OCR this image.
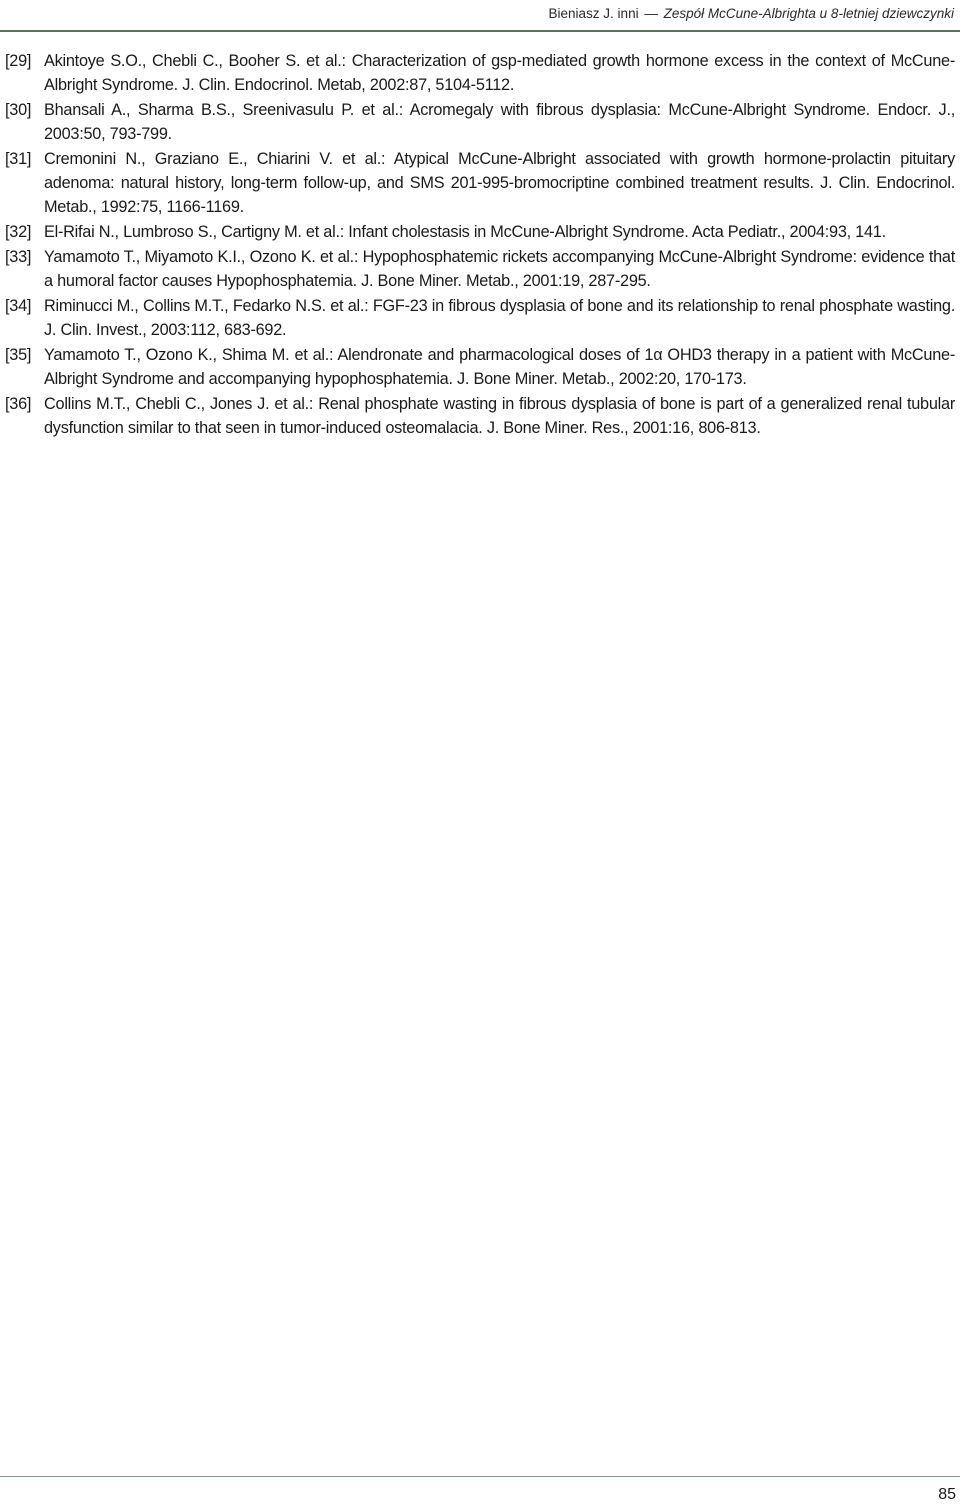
Bieniasz J. inni — Zespół McCune-Albrighta u 8-letniej dziewczynki
[29] Akintoye S.O., Chebli C., Booher S. et al.: Characterization of gsp-mediated growth hormone excess in the context of McCune-Albright Syndrome. J. Clin. Endocrinol. Metab, 2002:87, 5104-5112.
[30] Bhansali A., Sharma B.S., Sreenivasulu P. et al.: Acromegaly with fibrous dysplasia: McCune-Albright Syndrome. Endocr. J., 2003:50, 793-799.
[31] Cremonini N., Graziano E., Chiarini V. et al.: Atypical McCune-Albright associated with growth hormone-prolactin pituitary adenoma: natural history, long-term follow-up, and SMS 201-995-bromocriptine combined treatment results. J. Clin. Endocrinol. Metab., 1992:75, 1166-1169.
[32] El-Rifai N., Lumbroso S., Cartigny M. et al.: Infant cholestasis in McCune-Albright Syndrome. Acta Pediatr., 2004:93, 141.
[33] Yamamoto T., Miyamoto K.I., Ozono K. et al.: Hypophosphatemic rickets accompanying McCune-Albright Syndrome: evidence that a humoral factor causes Hypophosphatemia. J. Bone Miner. Metab., 2001:19, 287-295.
[34] Riminucci M., Collins M.T., Fedarko N.S. et al.: FGF-23 in fibrous dysplasia of bone and its relationship to renal phosphate wasting. J. Clin. Invest., 2003:112, 683-692.
[35] Yamamoto T., Ozono K., Shima M. et al.: Alendronate and pharmacological doses of 1α OHD3 therapy in a patient with McCune-Albright Syndrome and accompanying hypophosphatemia. J. Bone Miner. Metab., 2002:20, 170-173.
[36] Collins M.T., Chebli C., Jones J. et al.: Renal phosphate wasting in fibrous dysplasia of bone is part of a generalized renal tubular dysfunction similar to that seen in tumor-induced osteomalacia. J. Bone Miner. Res., 2001:16, 806-813.
85
